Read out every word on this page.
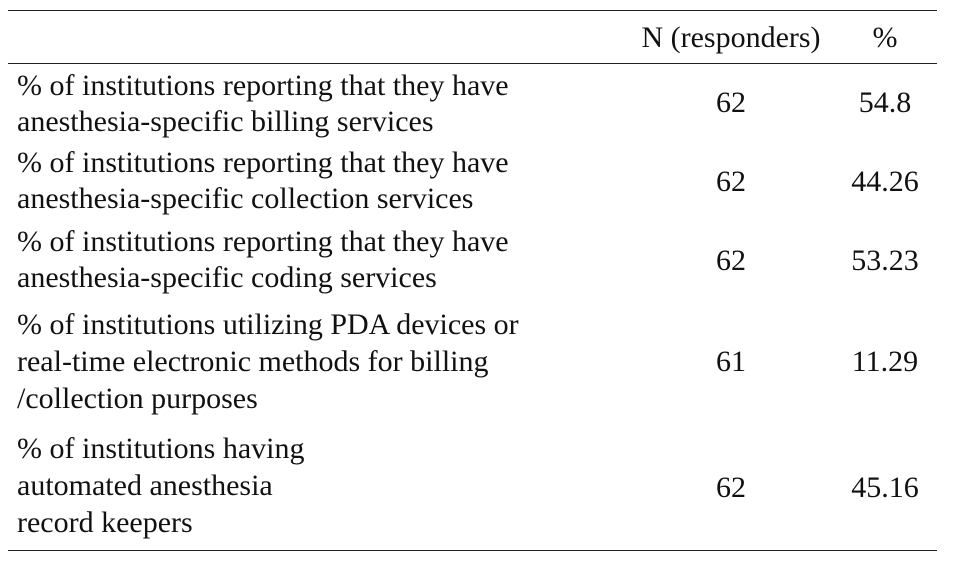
N (responders)	%
% of institutions reporting that they have
anesthesia-specific billing services
62	54.8
% of institutions reporting that they have
anesthesia-specific collection services
62	44.26
% of institutions reporting that they have
anesthesia-specific coding services
62	53.23
% of institutions utilizing PDA devices or
real-time electronic methods for billing
/collection purposes
61	11.29
% of institutions having
automated anesthesia
record keepers
62	45.16
